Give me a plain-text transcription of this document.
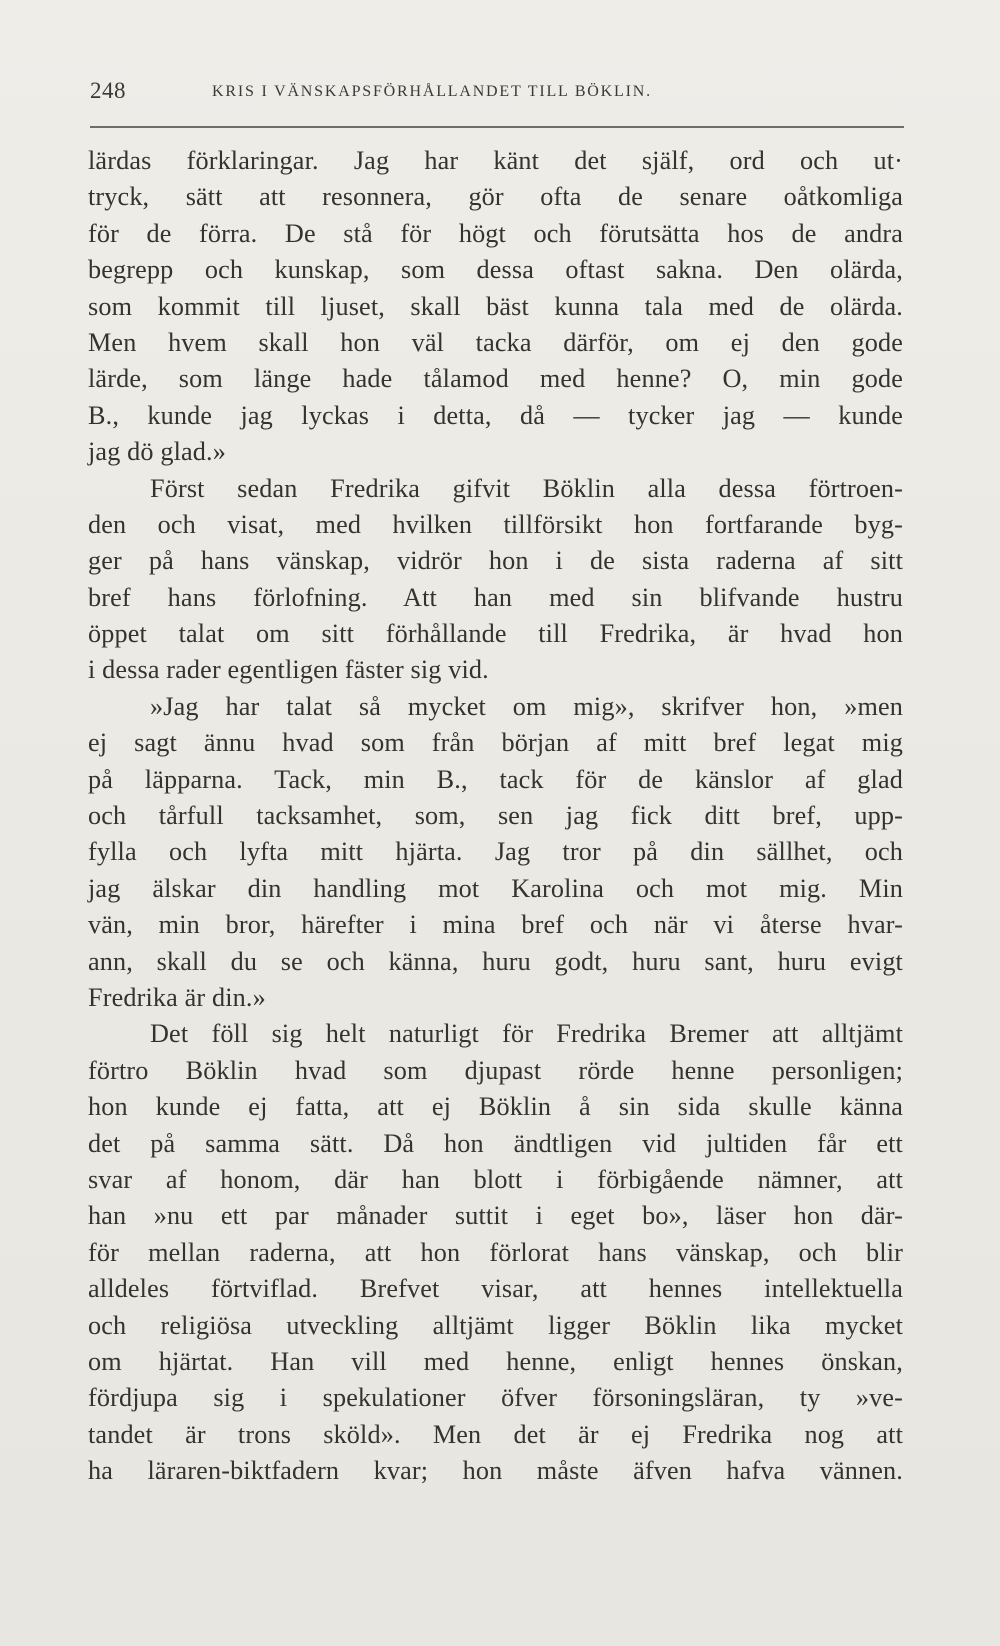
248	KRIS I VÄNSKAPSFÖRHÅLLANDET TILL BÖKLIN.
lärdas förklaringar. Jag har känt det själf, ord och ut·
tryck, sätt att resonnera, gör ofta de senare oåtkomliga
för de förra. De stå för högt och förutsätta hos de andra
begrepp och kunskap, som dessa oftast sakna. Den olärda,
som kommit till ljuset, skall bäst kunna tala med de olärda.
Men hvem skall hon väl tacka därför, om ej den gode
lärde, som länge hade tålamod med henne? O, min gode
B., kunde jag lyckas i detta, då — tycker jag — kunde
jag dö glad.»
Först sedan Fredrika gifvit Böklin alla dessa förtroen-
den och visat, med hvilken tillförsikt hon fortfarande byg-
ger på hans vänskap, vidrör hon i de sista raderna af sitt
bref hans förlofning. Att han med sin blifvande hustru
öppet talat om sitt förhållande till Fredrika, är hvad hon
i dessa rader egentligen fäster sig vid.
»Jag har talat så mycket om mig», skrifver hon, »men
ej sagt ännu hvad som från början af mitt bref legat mig
på läpparna. Tack, min B., tack för de känslor af glad
och tårfull tacksamhet, som, sen jag fick ditt bref, upp-
fylla och lyfta mitt hjärta. Jag tror på din sällhet, och
jag älskar din handling mot Karolina och mot mig. Min
vän, min bror, härefter i mina bref och när vi återse hvar-
ann, skall du se och känna, huru godt, huru sant, huru evigt
Fredrika är din.»
Det föll sig helt naturligt för Fredrika Bremer att alltjämt
förtro Böklin hvad som djupast rörde henne personligen;
hon kunde ej fatta, att ej Böklin å sin sida skulle känna
det på samma sätt. Då hon ändtligen vid jultiden får ett
svar af honom, där han blott i förbigående nämner, att
han »nu ett par månader suttit i eget bo», läser hon där-
för mellan raderna, att hon förlorat hans vänskap, och blir
alldeles förtviflad. Brefvet visar, att hennes intellektuella
och religiösa utveckling alltjämt ligger Böklin lika mycket
om hjärtat. Han vill med henne, enligt hennes önskan,
fördjupa sig i spekulationer öfver försoningsläran, ty »ve-
tandet är trons sköld». Men det är ej Fredrika nog att
ha läraren-biktfadern kvar; hon måste äfven hafva vännen.
